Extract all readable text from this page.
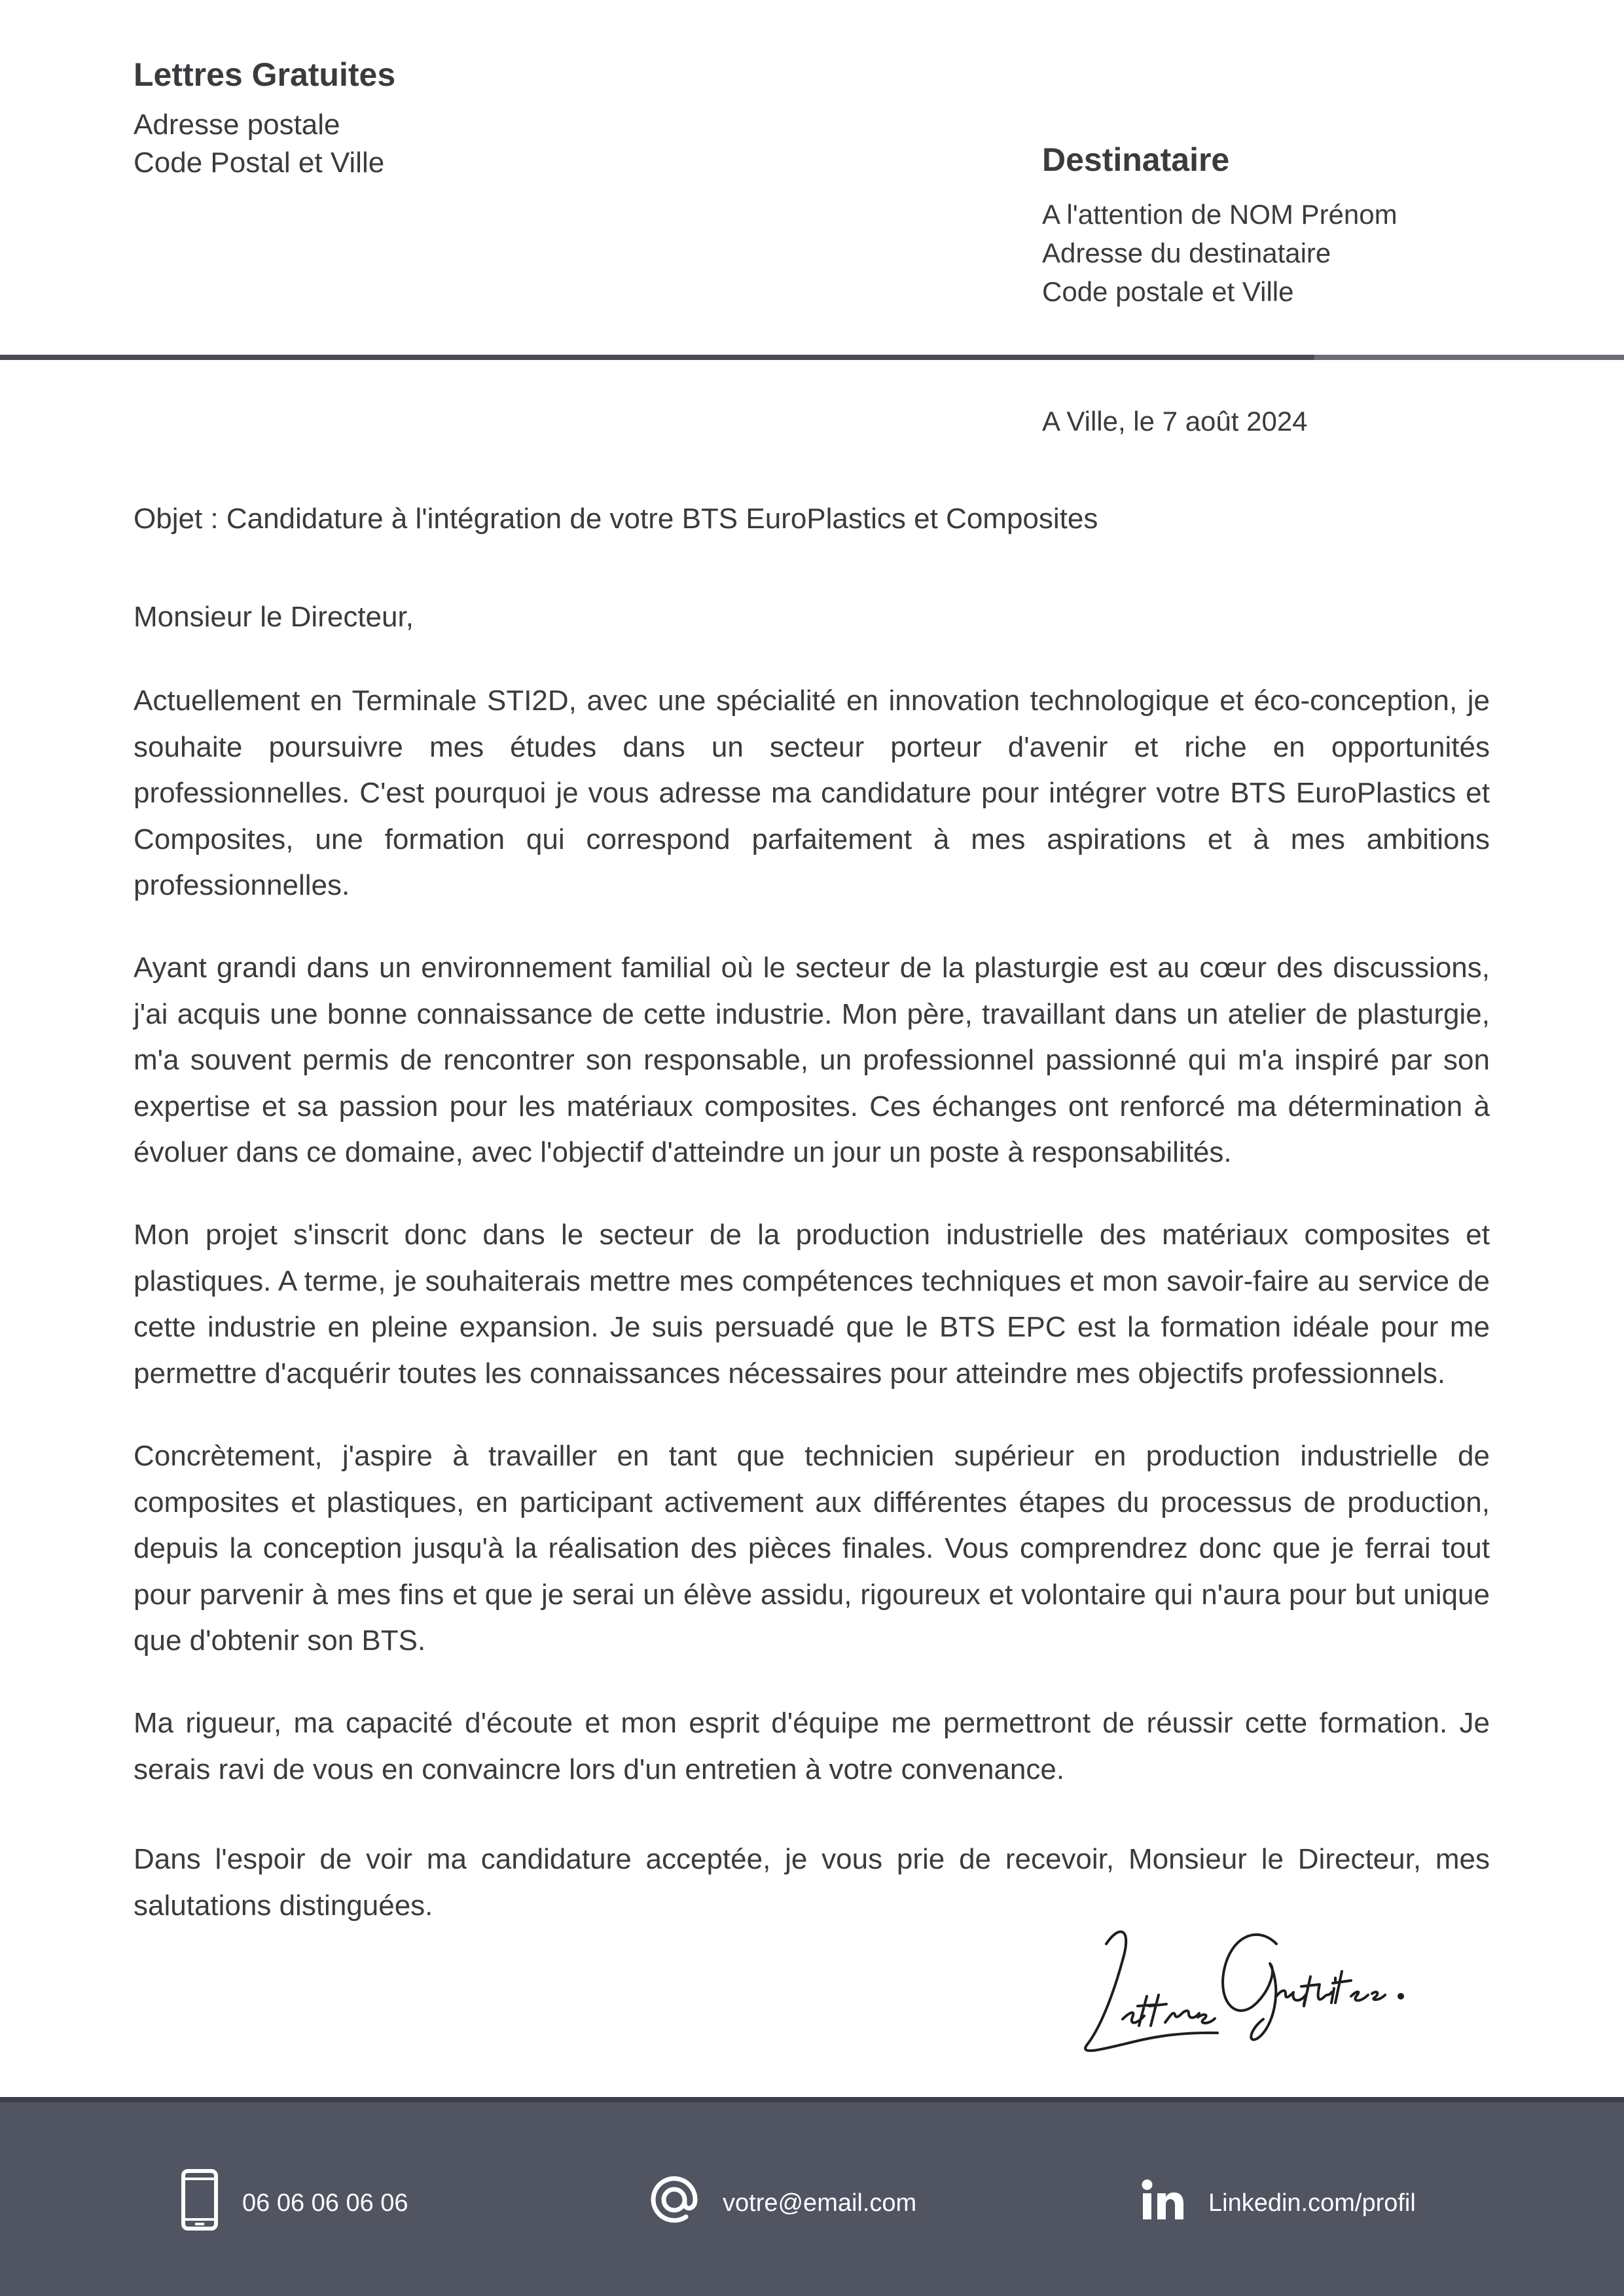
Lettres Gratuites
Adresse postale
Code Postal et Ville	Destinataire
A l'attention de NOM Prénom
Adresse du destinataire
Code postale et Ville
A Ville, le 7 août 2024
Objet : Candidature à l'intégration de votre BTS EuroPlastics et Composites
Monsieur le Directeur,

Actuellement en Terminale STI2D, avec une spécialité en innovation technologique et éco-conception, je souhaite poursuivre mes études dans un secteur porteur d'avenir et riche en opportunités professionnelles. C'est pourquoi je vous adresse ma candidature pour intégrer votre BTS EuroPlastics et Composites, une formation qui correspond parfaitement à mes aspirations et à mes ambitions professionnelles.

Ayant grandi dans un environnement familial où le secteur de la plasturgie est au cœur des discussions, j'ai acquis une bonne connaissance de cette industrie. Mon père, travaillant dans un atelier de plasturgie, m'a souvent permis de rencontrer son responsable, un professionnel passionné qui m'a inspiré par son expertise et sa passion pour les matériaux composites. Ces échanges ont renforcé ma détermination à évoluer dans ce domaine, avec l'objectif d'atteindre un jour un poste à responsabilités.

Mon projet s'inscrit donc dans le secteur de la production industrielle des matériaux composites et plastiques. A terme, je souhaiterais mettre mes compétences techniques et mon savoir-faire au service de cette industrie en pleine expansion. Je suis persuadé que le BTS EPC est la formation idéale pour me permettre d'acquérir toutes les connaissances nécessaires pour atteindre mes objectifs professionnels.

Concrètement, j'aspire à travailler en tant que technicien supérieur en production industrielle de composites et plastiques, en participant activement aux différentes étapes du processus de production, depuis la conception jusqu'à la réalisation des pièces finales. Vous comprendrez donc que je ferrai tout pour parvenir à mes fins et que je serai un élève assidu, rigoureux et volontaire qui n'aura pour but unique que d'obtenir son BTS.

Ma rigueur, ma capacité d'écoute et mon esprit d'équipe me permettront de réussir cette formation. Je serais ravi de vous en convaincre lors d'un entretien à votre convenance.

Dans l'espoir de voir ma candidature acceptée, je vous prie de recevoir, Monsieur le Directeur, mes salutations distinguées.

06 06 06 06 06	votre@email.com	Linkedin.com/profil
